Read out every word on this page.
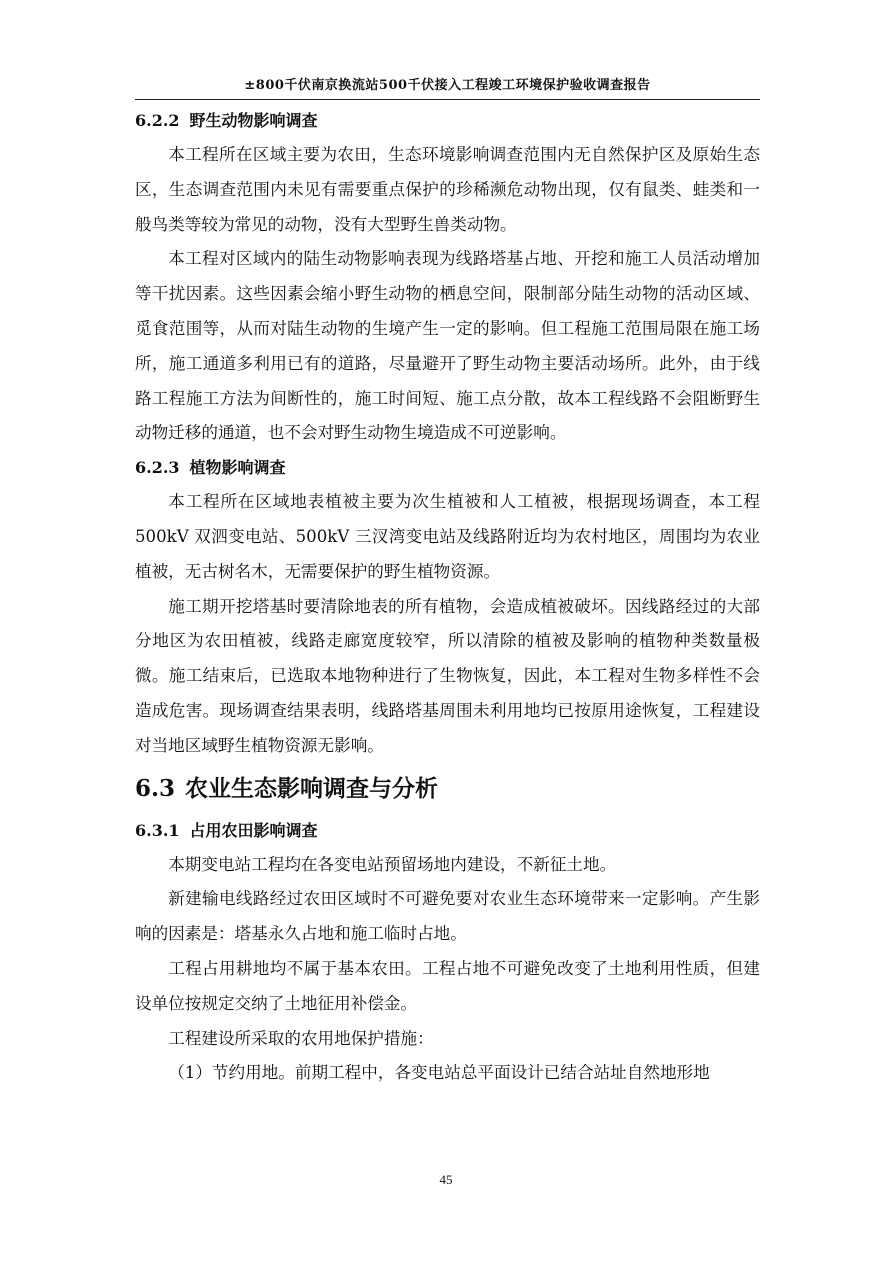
±800千伏南京换流站500千伏接入工程竣工环境保护验收调查报告
6.2.2 野生动物影响调查

本工程所在区域主要为农田，生态环境影响调查范围内无自然保护区及原始生态区，生态调查范围内未见有需要重点保护的珍稀濒危动物出现，仅有鼠类、蛙类和一般鸟类等较为常见的动物，没有大型野生兽类动物。

本工程对区域内的陆生动物影响表现为线路塔基占地、开挖和施工人员活动增加等干扰因素。这些因素会缩小野生动物的栖息空间，限制部分陆生动物的活动区域、觅食范围等，从而对陆生动物的生境产生一定的影响。但工程施工范围局限在施工场所，施工通道多利用已有的道路，尽量避开了野生动物主要活动场所。此外，由于线路工程施工方法为间断性的，施工时间短、施工点分散，故本工程线路不会阻断野生动物迁移的通道，也不会对野生动物生境造成不可逆影响。

6.2.3 植物影响调查

本工程所在区域地表植被主要为次生植被和人工植被，根据现场调查，本工程 500kV 双泗变电站、500kV 三汊湾变电站及线路附近均为农村地区，周围均为农业植被，无古树名木，无需要保护的野生植物资源。

施工期开挖塔基时要清除地表的所有植物，会造成植被破坏。因线路经过的大部分地区为农田植被，线路走廊宽度较窄，所以清除的植被及影响的植物种类数量极微。施工结束后，已选取本地物种进行了生物恢复，因此，本工程对生物多样性不会造成危害。现场调查结果表明，线路塔基周围未利用地均已按原用途恢复，工程建设对当地区域野生植物资源无影响。

6.3 农业生态影响调查与分析
6.3.1 占用农田影响调查

本期变电站工程均在各变电站预留场地内建设，不新征土地。

新建输电线路经过农田区域时不可避免要对农业生态环境带来一定影响。产生影响的因素是：塔基永久占地和施工临时占地。

工程占用耕地均不属于基本农田。工程占地不可避免改变了土地利用性质，但建设单位按规定交纳了土地征用补偿金。

工程建设所采取的农用地保护措施：

（1）节约用地。前期工程中，各变电站总平面设计已结合站址自然地形地

45
